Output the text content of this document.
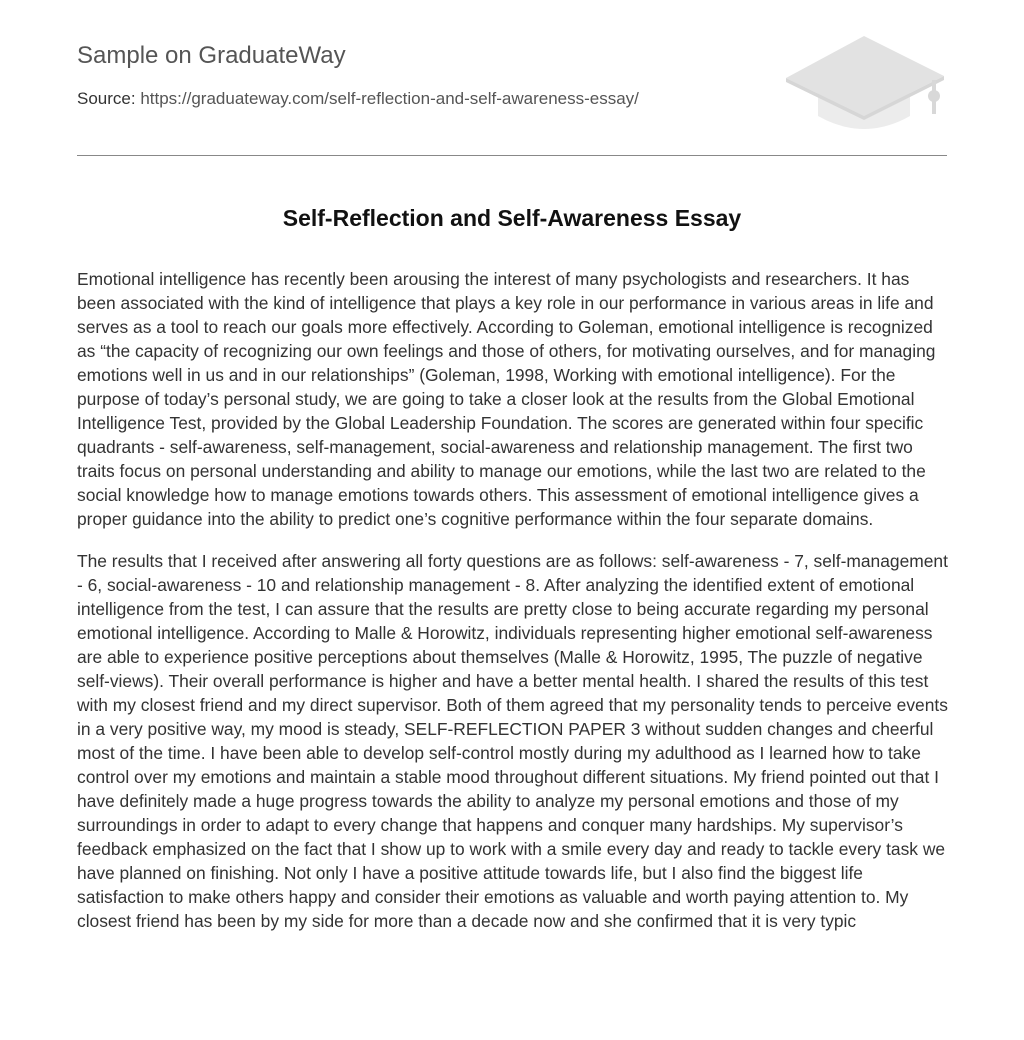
Sample on GraduateWay
Source: https://graduateway.com/self-reflection-and-self-awareness-essay/
Self-Reflection and Self-Awareness Essay

Emotional intelligence has recently been arousing the interest of many psychologists and researchers. It has been associated with the kind of intelligence that plays a key role in our performance in various areas in life and serves as a tool to reach our goals more effectively. According to Goleman, emotional intelligence is recognized as “the capacity of recognizing our own feelings and those of others, for motivating ourselves, and for managing emotions well in us and in our relationships” (Goleman, 1998, Working with emotional intelligence). For the purpose of today’s personal study, we are going to take a closer look at the results from the Global Emotional Intelligence Test, provided by the Global Leadership Foundation. The scores are generated within four specific quadrants - self-awareness, self-management, social-awareness and relationship management. The first two traits focus on personal understanding and ability to manage our emotions, while the last two are related to the social knowledge how to manage emotions towards others. This assessment of emotional intelligence gives a proper guidance into the ability to predict one’s cognitive performance within the four separate domains.

The results that I received after answering all forty questions are as follows: self-awareness - 7, self-management - 6, social-awareness - 10 and relationship management - 8. After analyzing the identified extent of emotional intelligence from the test, I can assure that the results are pretty close to being accurate regarding my personal emotional intelligence. According to Malle & Horowitz, individuals representing higher emotional self-awareness are able to experience positive perceptions about themselves (Malle & Horowitz, 1995, The puzzle of negative self-views). Their overall performance is higher and have a better mental health. I shared the results of this test with my closest friend and my direct supervisor. Both of them agreed that my personality tends to perceive events in a very positive way, my mood is steady, SELF-REFLECTION PAPER 3 without sudden changes and cheerful most of the time. I have been able to develop self-control mostly during my adulthood as I learned how to take control over my emotions and maintain a stable mood throughout different situations. My friend pointed out that I have definitely made a huge progress towards the ability to analyze my personal emotions and those of my surroundings in order to adapt to every change that happens and conquer many hardships. My supervisor’s feedback emphasized on the fact that I show up to work with a smile every day and ready to tackle every task we have planned on finishing. Not only I have a positive attitude towards life, but I also find the biggest life satisfaction to make others happy and consider their emotions as valuable and worth paying attention to. My closest friend has been by my side for more than a decade now and she confirmed that it is very typic
